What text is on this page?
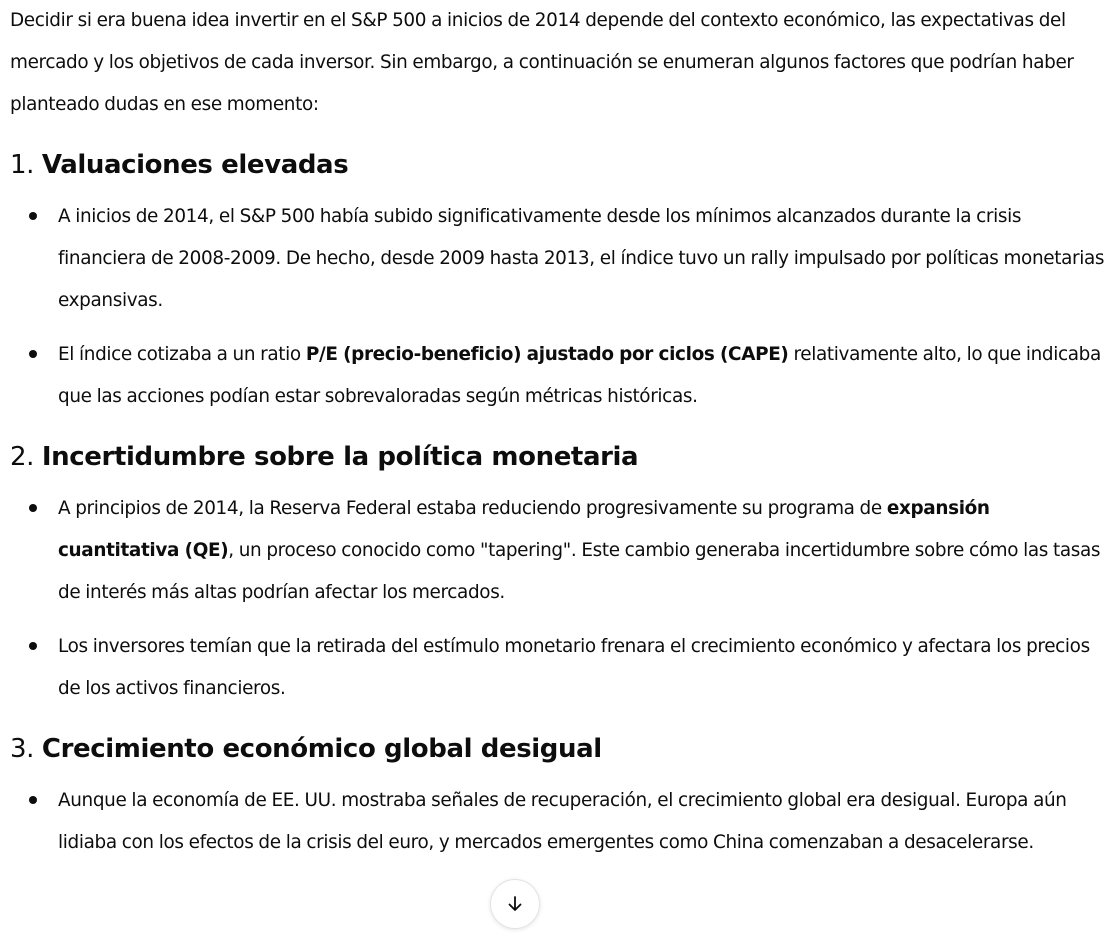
Decidir si era buena idea invertir en el S&P 500 a inicios de 2014 depende del contexto económico, las expectativas del mercado y los objetivos de cada inversor. Sin embargo, a continuación se enumeran algunos factores que podrían haber planteado dudas en ese momento:

1. Valuaciones elevadas
A inicios de 2014, el S&P 500 había subido significativamente desde los mínimos alcanzados durante la crisis financiera de 2008-2009. De hecho, desde 2009 hasta 2013, el índice tuvo un rally impulsado por políticas monetarias expansivas.
El índice cotizaba a un ratio P/E (precio-beneficio) ajustado por ciclos (CAPE) relativamente alto, lo que indicaba que las acciones podían estar sobrevaloradas según métricas históricas.
2. Incertidumbre sobre la política monetaria
A principios de 2014, la Reserva Federal estaba reduciendo progresivamente su programa de expansión cuantitativa (QE), un proceso conocido como "tapering". Este cambio generaba incertidumbre sobre cómo las tasas de interés más altas podrían afectar los mercados.
Los inversores temían que la retirada del estímulo monetario frenara el crecimiento económico y afectara los precios de los activos financieros.
3. Crecimiento económico global desigual
Aunque la economía de EE. UU. mostraba señales de recuperación, el crecimiento global era desigual. Europa aún lidiaba con los efectos de la crisis del euro, y mercados emergentes como China comenzaban a desacelerarse.
